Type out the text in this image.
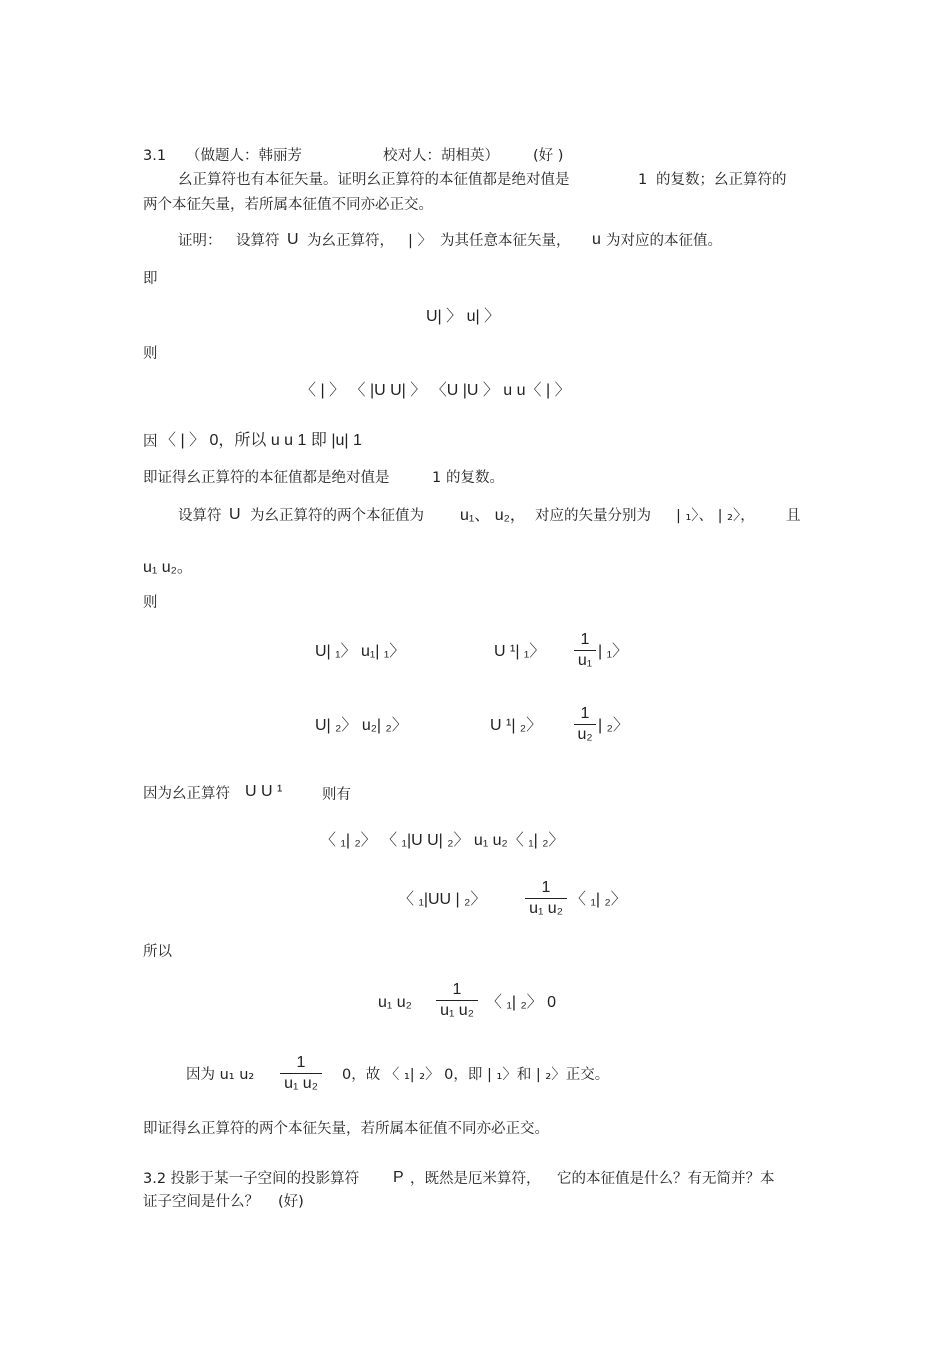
3.1 （做题人：韩丽芳	校对人：胡相英） (好 )
幺正算符也有本征矢量。证明幺正算符的本征值都是绝对值是	1 的复数；幺正算符的
两个本征矢量，若所属本征值不同亦必正交。
证明： 设算符 U 为幺正算符， | 〉 为其任意本征矢量， u 为对应的本征值。
即
U| 〉 u| 〉
则
〈 | 〉 〈 |U U| 〉 〈U |U 〉 u u〈 | 〉
因 〈 | 〉 0，所以 u u 1 即 |u| 1
即证得幺正算符的本征值都是绝对值是	1 的复数。
设算符 U 为幺正算符的两个本征值为 u₁、 u₂， 对应的矢量分别为 | ₁〉、 | ₂〉， 且
u₁ u₂。
则
U| ₁〉 u₁| ₁〉	U ¹| ₁〉
1
u₁
| ₁〉
U| ₂〉 u₂| ₂〉	U ¹| ₂〉
1
u₂
| ₂〉
因为幺正算符 U U ¹	则有
〈 ₁| ₂〉 〈 ₁|U U| ₂〉 u₁ u₂〈 ₁| ₂〉
〈 ₁|UU | ₂〉
1
u₁ u₂
〈 ₁| ₂〉
所以
u₁ u₂
1
u₁ u₂ 〈 ₁| ₂〉 0
因为 u₁ u₂
1
u₁ u₂ 0，故 〈 ₁| ₂〉 0，即 | ₁〉和 | ₂〉正交。
即证得幺正算符的两个本征矢量，若所属本征值不同亦必正交。
3.2 投影于某一子空间的投影算符 P ，既然是厄米算符， 它的本征值是什么？有无简并？本
证子空间是什么？ (好)
